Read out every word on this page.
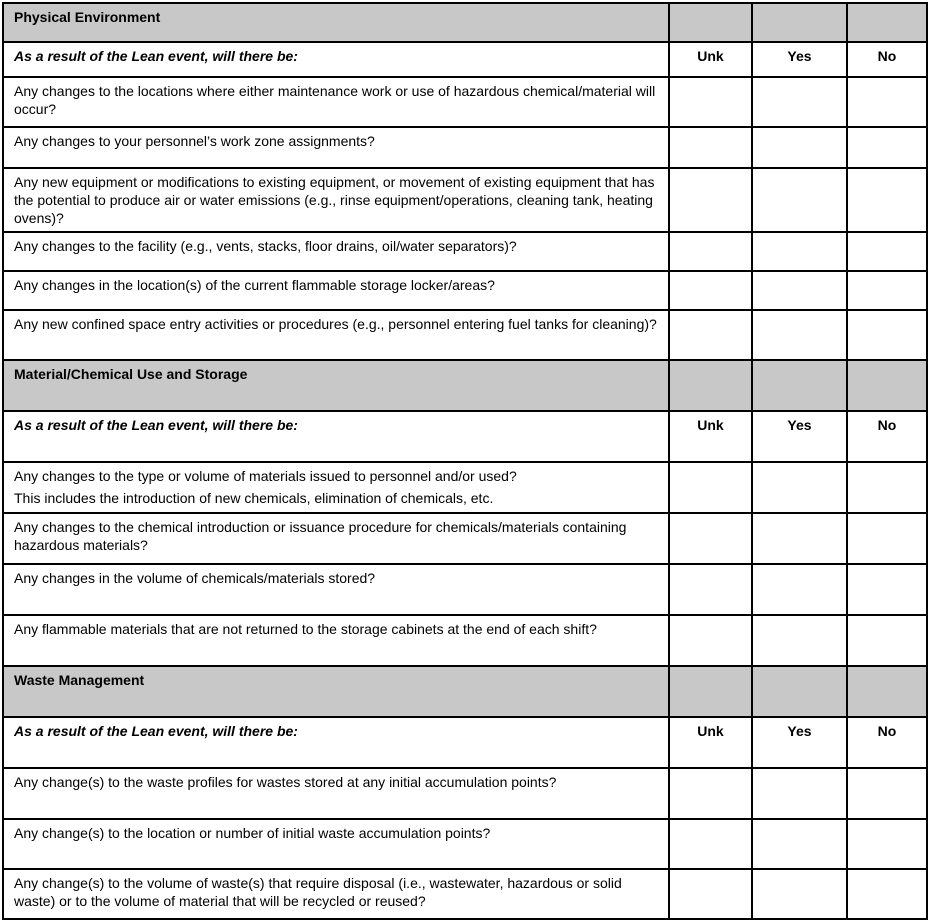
Physical Environment			
As a result of the Lean event, will there be:	Unk	Yes	No
Any changes to the locations where either maintenance work or use of hazardous chemical/material will occur?			
Any changes to your personnel’s work zone assignments?			
Any new equipment or modifications to existing equipment, or movement of existing equipment that has the potential to produce air or water emissions (e.g., rinse equipment/operations, cleaning tank, heating ovens)?			
Any changes to the facility (e.g., vents, stacks, floor drains, oil/water separators)?			
Any changes in the location(s) of the current flammable storage locker/areas?			
Any new confined space entry activities or procedures (e.g., personnel entering fuel tanks for cleaning)?			
Material/Chemical Use and Storage			
As a result of the Lean event, will there be:	Unk	Yes	No

Any changes to the type or volume of materials issued to personnel and/or used?
This includes the introduction of new chemicals, elimination of chemicals, etc.			

Any changes to the chemical introduction or issuance procedure for chemicals/materials containing hazardous materials?			
Any changes in the volume of chemicals/materials stored?			
Any flammable materials that are not returned to the storage cabinets at the end of each shift?			
Waste Management			
As a result of the Lean event, will there be:	Unk	Yes	No
Any change(s) to the waste profiles for wastes stored at any initial accumulation points?			
Any change(s) to the location or number of initial waste accumulation points?			
Any change(s) to the volume of waste(s) that require disposal (i.e., wastewater, hazardous or solid waste) or to the volume of material that will be recycled or reused?			
